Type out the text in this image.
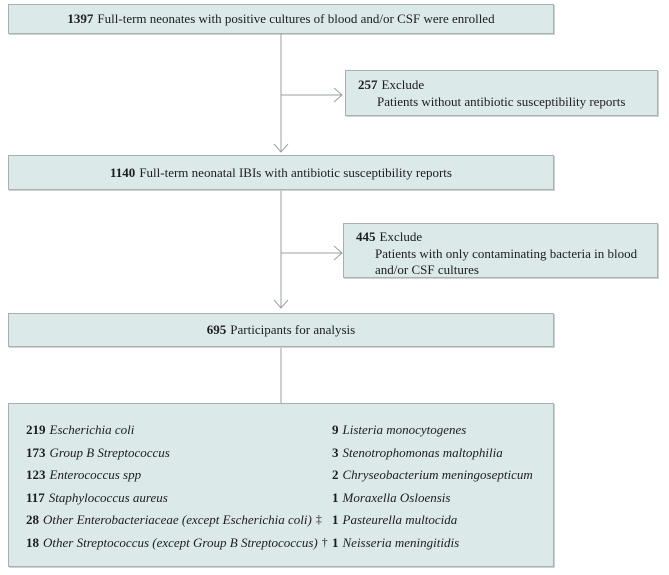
1397 Full-term neonates with positive cultures of blood and/or CSF were enrolled
257 Exclude
Patients without antibiotic susceptibility reports
1140 Full-term neonatal IBIs with antibiotic susceptibility reports
445 Exclude
Patients with only contaminating bacteria in blood
and/or CSF cultures
695 Participants for analysis
219 Escherichia coli
173 Group B Streptococcus
123 Enterococcus spp
117 Staphylococcus aureus
28 Other Enterobacteriaceae (except Escherichia coli) ‡
18 Other Streptococcus (except Group B Streptococcus) †
9 Listeria monocytogenes
3 Stenotrophomonas maltophilia
2 Chryseobacterium meningosepticum
1 Moraxella Osloensis
1 Pasteurella multocida
1 Neisseria meningitidis
